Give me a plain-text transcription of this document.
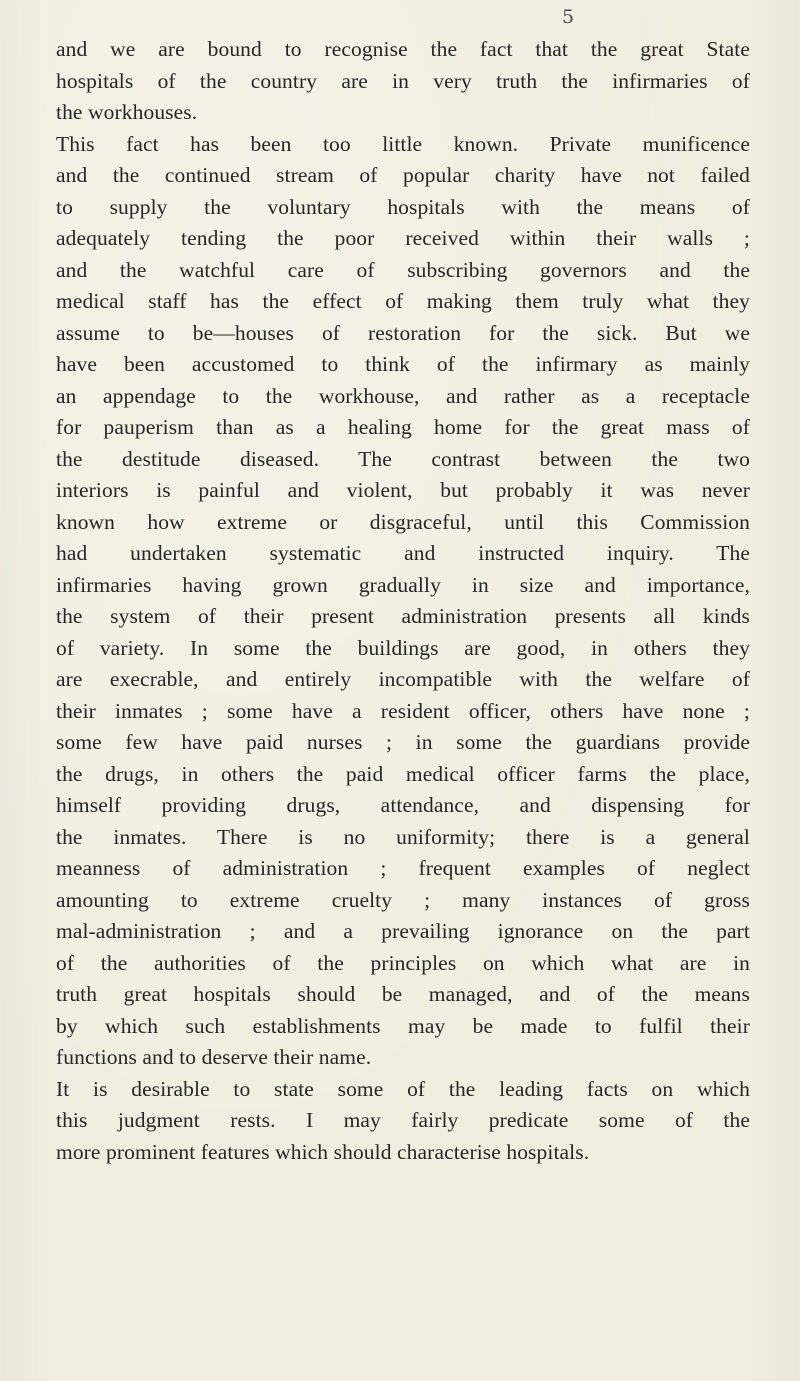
5

and we are bound to recognise the fact that the great State
hospitals of the country are in very truth the infirmaries of
the workhouses.

This fact has been too little known. Private munificence
and the continued stream of popular charity have not failed
to supply the voluntary hospitals with the means of
adequately tending the poor received within their walls ;
and the watchful care of subscribing governors and the
medical staff has the effect of making them truly what they
assume to be—houses of restoration for the sick. But we
have been accustomed to think of the infirmary as mainly
an appendage to the workhouse, and rather as a receptacle
for pauperism than as a healing home for the great mass of
the destitude diseased. The contrast between the two
interiors is painful and violent, but probably it was never
known how extreme or disgraceful, until this Commission
had undertaken systematic and instructed inquiry. The
infirmaries having grown gradually in size and importance,
the system of their present administration presents all kinds
of variety. In some the buildings are good, in others they
are execrable, and entirely incompatible with the welfare of
their inmates ; some have a resident officer, others have none ;
some few have paid nurses ; in some the guardians provide
the drugs, in others the paid medical officer farms the place,
himself providing drugs, attendance, and dispensing for
the inmates. There is no uniformity; there is a general
meanness of administration ; frequent examples of neglect
amounting to extreme cruelty ; many instances of gross
mal-administration ; and a prevailing ignorance on the part
of the authorities of the principles on which what are in
truth great hospitals should be managed, and of the means
by which such establishments may be made to fulfil their
functions and to deserve their name.

It is desirable to state some of the leading facts on which
this judgment rests. I may fairly predicate some of the
more prominent features which should characterise hospitals.
